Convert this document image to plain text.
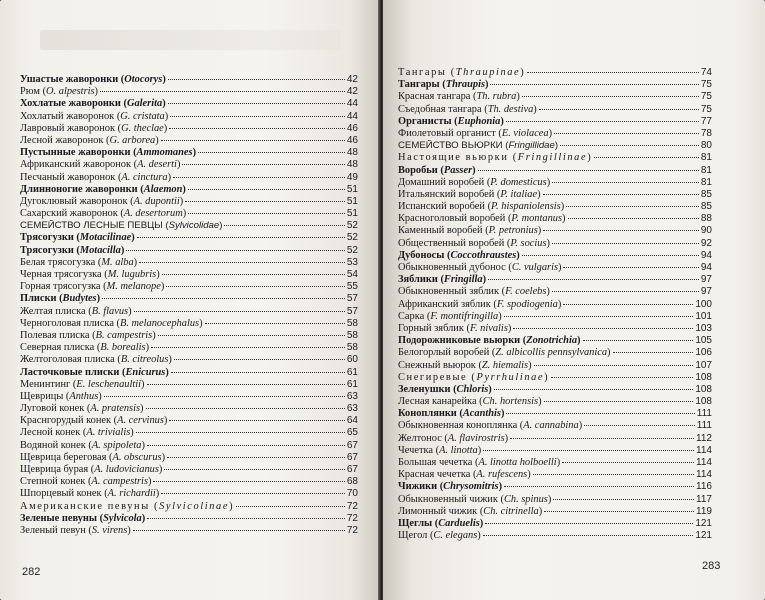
Ушастые жаворонки (Otocorys)	42
Рюм (O. alpestris)	42
Хохлатые жаворонки (Galerita)	44
Хохлатый жаворонок (G. cristata)	44
Лавровый жаворонок (G. theclae)	46
Лесной жаворонок (G. arborea)	46
Пустынные жаворонки (Ammomanes)	48
Африканский жаворонок (A. deserti)	48
Песчаный жаворонок (A. cinctura)	49
Длинноногие жаворонки (Alaemon)	51
Дугоклювый жаворонок (A. dupontii)	51
Сахарский жаворонок (A. desertorum)	51
СЕМЕЙСТВО ЛЕСНЫЕ ПЕВЦЫ (Sylvicolidae)	52
Трясогузки (Motacilinae)	52
Трясогузки (Motacilla)	52
Белая трясогузка (M. alba)	53
Черная трясогузка (M. lugubris)	54
Горная трясогузка (M. melanope)	55
Плиски (Budytes)	57
Желтая плиска (B. flavus)	57
Черноголовая плиска (B. melanocephalus)	58
Полевая плиска (B. campestris)	58
Северная плиска (B. borealis)	58
Желтоголовая плиска (B. citreolus)	60
Ласточковые плиски (Enicurus)	61
Менинтинг (E. leschenaultii)	61
Щеврицы (Anthus)	63
Луговой конек (A. pratensis)	63
Краснгорудый конек (A. cervinus)	64
Лесной конек (A. trivialis)	65
Водяной конек (A. spipoleta)	67
Щеврица береговая (A. obscurus)	67
Щеврица бурая (A. ludovicianus)	67
Степной конек (A. campestris)	68
Шпорцевый конек (A. richardii)	70
Американские певуны (Sylvicolinae)	72
Зеленые певуны (Sylvicola)	72
Зеленый певун (S. virens)	72
Тангары (Thraupinae)	74
Тангары (Thraupis)	75
Красная тангара (Th. rubra)	75
Съедобная тангара (Th. destiva)	75
Органисты (Euphonia)	77
Фиолетовый органист (E. violacea)	78
СЕМЕЙСТВО ВЬЮРКИ (Fringillidae)	80
Настоящие вьюрки (Fringillinae)	81
Воробьи (Passer)	81
Домашний воробей (P. domesticus)	81
Итальянский воробей (P. italiae)	85
Испанский воробей (P. hispaniolensis)	85
Красноголовый воробей (P. montanus)	88
Каменный воробей (P. petronius)	90
Общественный воробей (P. socius)	92
Дубоносы (Coccothraustes)	94
Обыкновенный дубонос (C. vulgaris)	94
Зяблики (Fringilla)	97
Обыкновенный зяблик (F. coelebs)	97
Африканский зяблик (F. spodiogenia)	100
Сарка (F. montifringilla)	101
Горный зяблик (F. nivalis)	103
Подорожниковые вьюрки (Zonotrichia)	105
Белогорлый воробей (Z. albicollis pennsylvanica)	106
Снежный вьюрок (Z. hiemalis)	107
Снегиревые (Pyrrhulinae)	108
Зеленушки (Chloris)	108
Лесная канарейка (Ch. hortensis)	108
Коноплянки (Acanthis)	111
Обыкновенная коноплянка (A. cannabina)	111
Желтонос (A. flavirostris)	112
Чечетка (A. linotta)	114
Большая чечетка (A. linotta holboelli)	114
Красная чечетка (A. rufescens)	114
Чижики (Chrysomitris)	116
Обыкновенный чижик (Ch. spinus)	117
Лимонный чижик (Ch. citrinella)	119
Щеглы (Carduelis)	121
Щегол (C. elegans)	121
282	283
